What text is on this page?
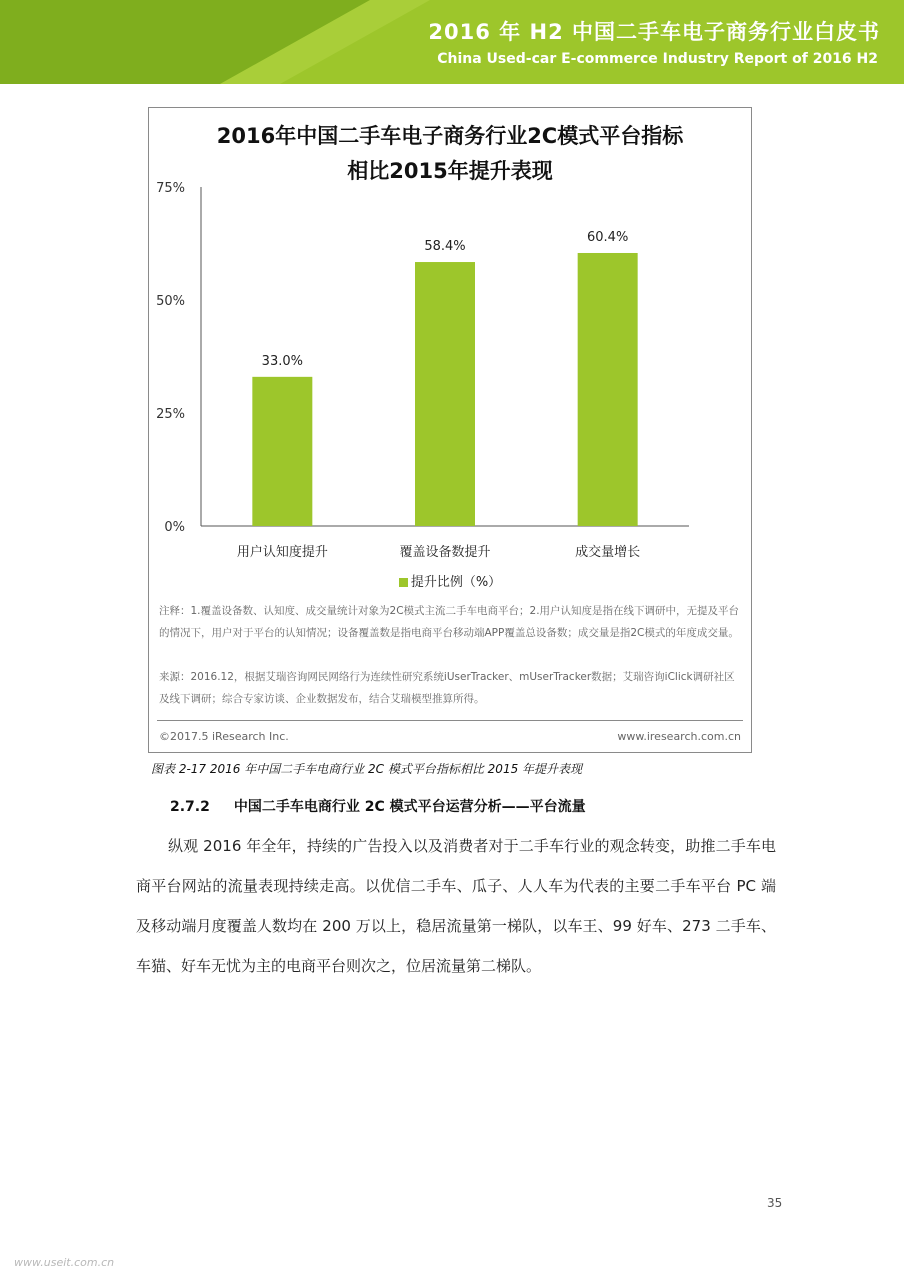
2016 年 H2 中国二手车电子商务行业白皮书
China Used-car E-commerce Industry Report of 2016 H2
2016年中国二手车电子商务行业2C模式平台指标
相比2015年提升表现
0%
25%
50%
75%
33.0%
用户认知度提升
58.4%
覆盖设备数提升
60.4%
成交量增长
提升比例（%）
注释：1.覆盖设备数、认知度、成交量统计对象为2C模式主流二手车电商平台；2.用户认知度是指在线下调研中，无提及平台的情况下，用户对于平台的认知情况；设备覆盖数是指电商平台移动端APP覆盖总设备数；成交量是指2C模式的年度成交量。
来源：2016.12，根据艾瑞咨询网民网络行为连续性研究系统iUserTracker、mUserTracker数据；艾瑞咨询iClick调研社区及线下调研；综合专家访谈、企业数据发布，结合艾瑞模型推算所得。
©2017.5 iResearch Inc.	www.iresearch.com.cn
图表 2-17 2016 年中国二手车电商行业 2C 模式平台指标相比 2015 年提升表现
2.7.2 中国二手车电商行业 2C 模式平台运营分析——平台流量
纵观 2016 年全年，持续的广告投入以及消费者对于二手车行业的观念转变，助推二手车电商平台网站的流量表现持续走高。以优信二手车、瓜子、人人车为代表的主要二手车平台 PC 端及移动端月度覆盖人数均在 200 万以上，稳居流量第一梯队，以车王、99 好车、273 二手车、车猫、好车无忧为主的电商平台则次之，位居流量第二梯队。
35
www.useit.com.cn
